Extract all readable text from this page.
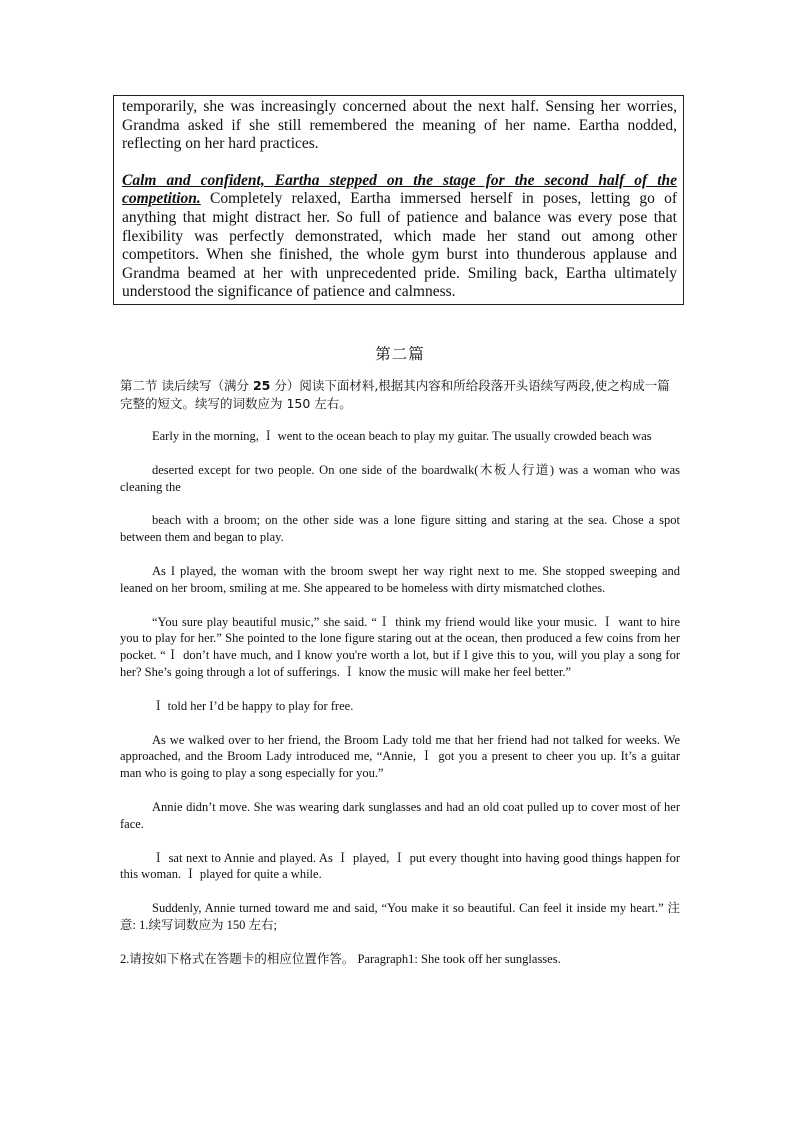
temporarily, she was increasingly concerned about the next half. Sensing her worries, Grandma asked if she still remembered the meaning of her name. Eartha nodded, reflecting on her hard practices.

Calm and confident, Eartha stepped on the stage for the second half of the competition. Completely relaxed, Eartha immersed herself in poses, letting go of anything that might distract her. So full of patience and balance was every pose that flexibility was perfectly demonstrated, which made her stand out among other competitors. When she finished, the whole gym burst into thunderous applause and Grandma beamed at her with unprecedented pride. Smiling back, Eartha ultimately understood the significance of patience and calmness.

第二篇
第二节 读后续写（满分 25 分）阅读下面材料,根据其内容和所给段落开头语续写两段,使之构成一篇完整的短文。续写的词数应为 150 左右。

Early in the morning, Ｉ went to the ocean beach to play my guitar. The usually crowded beach was

deserted except for two people. On one side of the boardwalk(木板人行道) was a woman who was cleaning the

beach with a broom; on the other side was a lone figure sitting and staring at the sea. Chose a spot between them and began to play.

As I played, the woman with the broom swept her way right next to me. She stopped sweeping and leaned on her broom, smiling at me. She appeared to be homeless with dirty mismatched clothes.

“You sure play beautiful music,” she said. “Ｉ think my friend would like your music. Ｉ want to hire you to play for her.” She pointed to the lone figure staring out at the ocean, then produced a few coins from her pocket. “Ｉ don’t have much, and I know you're worth a lot, but if I give this to you, will you play a song for her? She’s going through a lot of sufferings. Ｉ know the music will make her feel better.”

Ｉ told her I’d be happy to play for free.

As we walked over to her friend, the Broom Lady told me that her friend had not talked for weeks. We approached, and the Broom Lady introduced me, “Annie, Ｉ got you a present to cheer you up. It’s a guitar man who is going to play a song especially for you.”

Annie didn’t move. She was wearing dark sunglasses and had an old coat pulled up to cover most of her face.

Ｉ sat next to Annie and played. As Ｉ played, Ｉ put every thought into having good things happen for this woman. Ｉ played for quite a while.

Suddenly, Annie turned toward me and said, “You make it so beautiful. Can feel it inside my heart.” 注意: 1.续写词数应为 150 左右;

2.请按如下格式在答题卡的相应位置作答。 Paragraph1: She took off her sunglasses.
